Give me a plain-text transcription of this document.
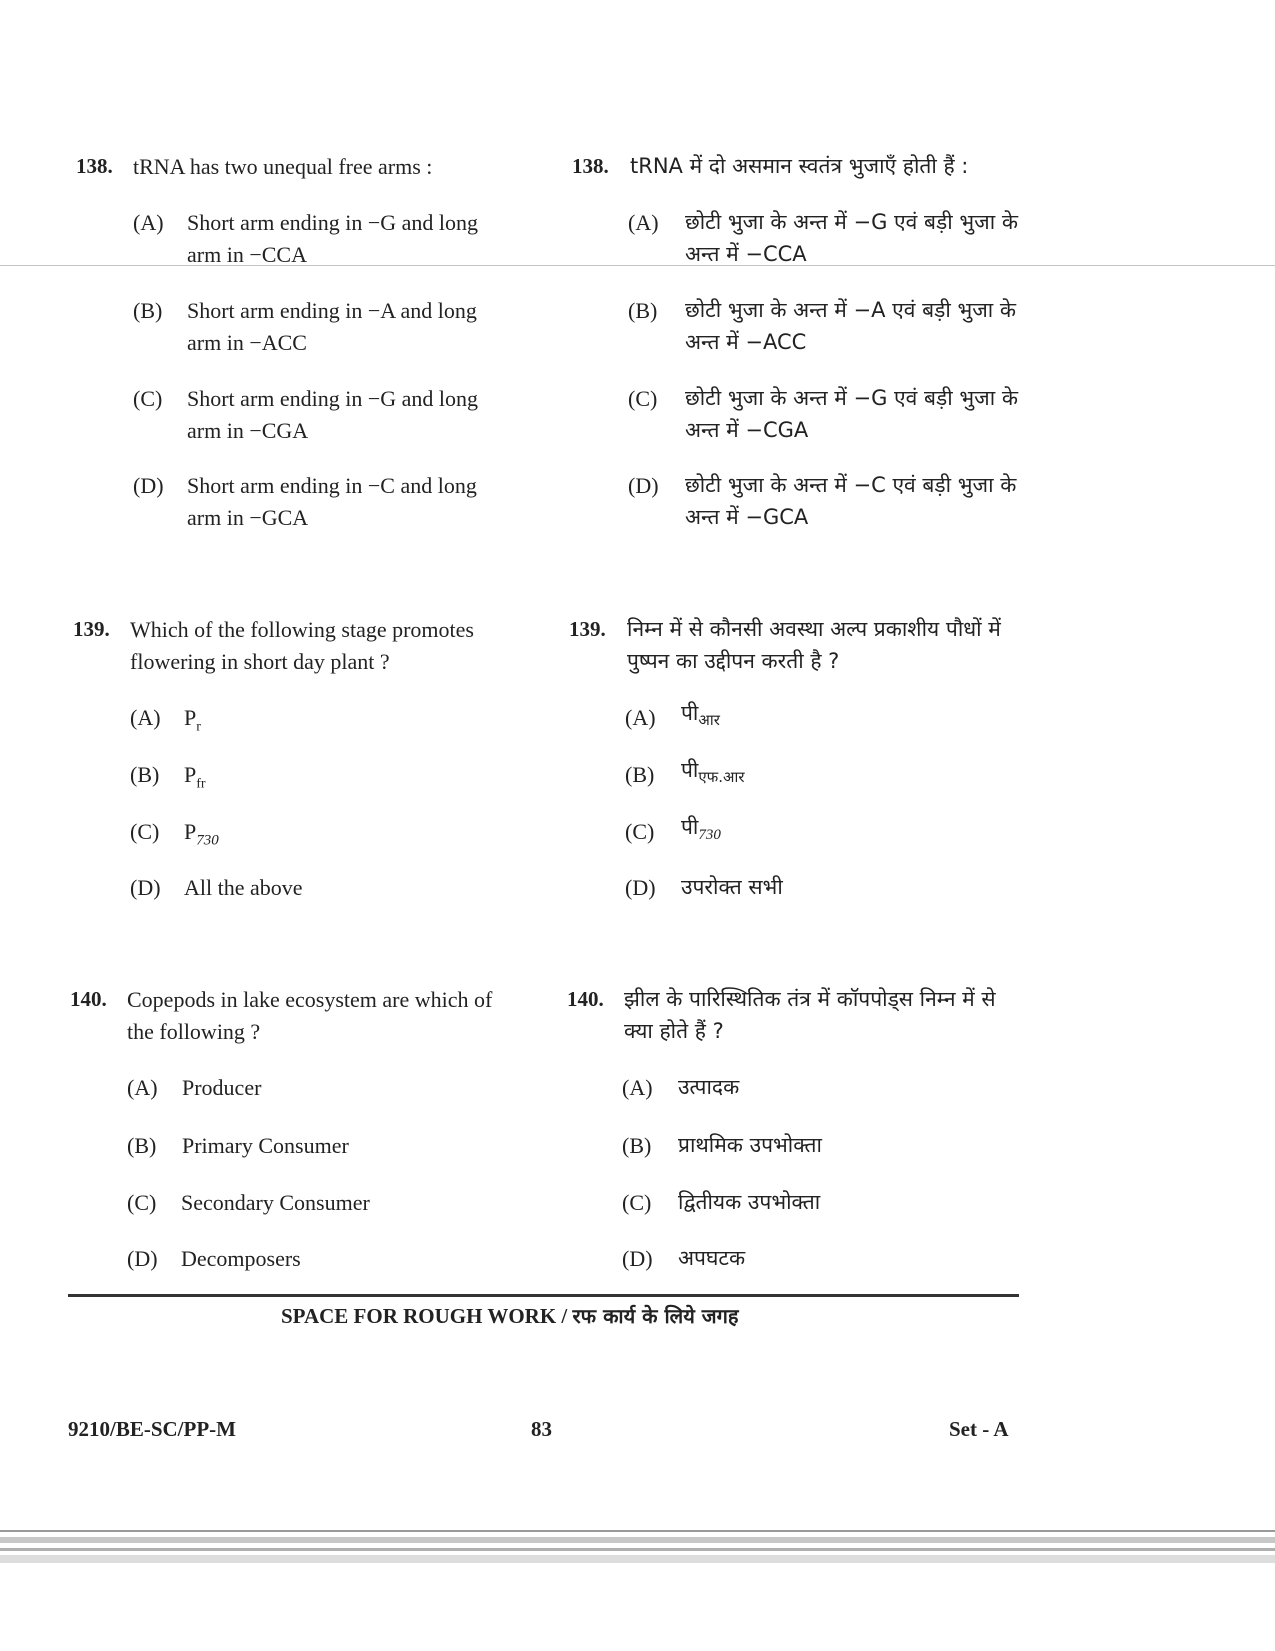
138. tRNA has two unequal free arms :	138. tRNA में दो असमान स्वतंत्र भुजाएँ होती हैं :
(A) Short arm ending in −G and long
arm in −CCA
(A) छोटी भुजा के अन्त में −G एवं बड़ी भुजा के
अन्त में −CCA
(B) Short arm ending in −A and long
arm in −ACC
(B) छोटी भुजा के अन्त में −A एवं बड़ी भुजा के
अन्त में −ACC
(C) Short arm ending in −G and long
arm in −CGA
(C) छोटी भुजा के अन्त में −G एवं बड़ी भुजा के
अन्त में −CGA
(D) Short arm ending in −C and long
arm in −GCA
(D) छोटी भुजा के अन्त में −C एवं बड़ी भुजा के
अन्त में −GCA
139. Which of the following stage promotes
flowering in short day plant ?
139. निम्न में से कौनसी अवस्था अल्प प्रकाशीय पौधों में
पुष्पन का उद्दीपन करती है ?
(A) $P_r$	(A) $पी_{आर}$
(B) $P_{fr}$	(B) $पी_{एफ.आर}$
(C) $P_{730}$	(C) $पी_{730}$
(D) All the above	(D) उपरोक्त सभी
140. Copepods in lake ecosystem are which of
the following ?
140. झील के पारिस्थितिक तंत्र में कॉपपोड्स निम्न में से
क्या होते हैं ?
(A) Producer	(A) उत्पादक
(B) Primary Consumer	(B) प्राथमिक उपभोक्ता
(C) Secondary Consumer	(C) द्वितीयक उपभोक्ता
(D) Decomposers	(D) अपघटक
SPACE FOR ROUGH WORK / रफ कार्य के लिये जगह
9210/BE-SC/PP-M	83	Set - A
